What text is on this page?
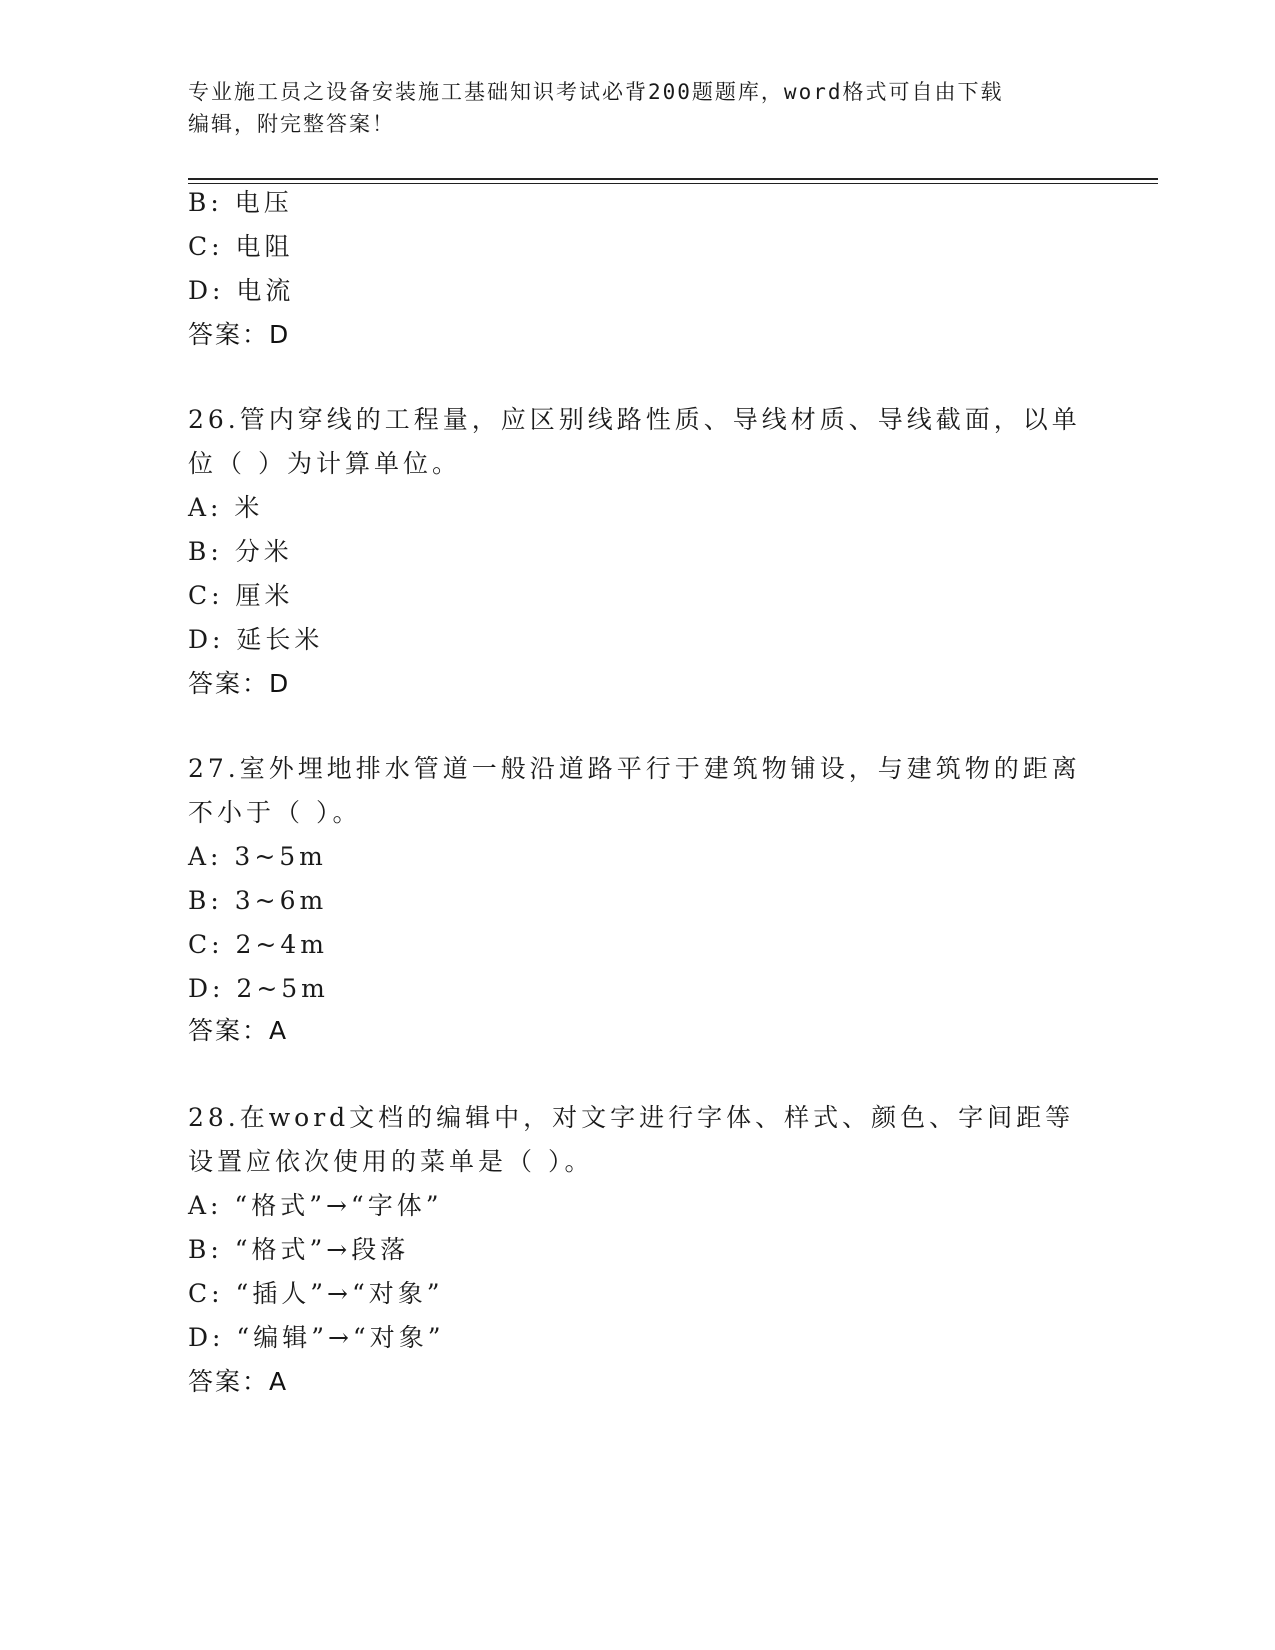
专业施工员之设备安装施工基础知识考试必背200题题库，word格式可自由下载
编辑，附完整答案！
B: 电压
C: 电阻
D: 电流
答案：D
26.管内穿线的工程量，应区别线路性质、导线材质、导线截面，以单
位（ ）为计算单位。
A: 米
B: 分米
C: 厘米
D: 延长米
答案：D
27.室外埋地排水管道一般沿道路平行于建筑物铺设，与建筑物的距离
不小于（ ）。
A: 3~5m
B: 3~6m
C: 2~4m
D: 2~5m
答案：A
28.在word文档的编辑中，对文字进行字体、样式、颜色、字间距等
设置应依次使用的菜单是（ ）。
A: “格式”→“字体”
B: “格式”→段落
C: “插人”→“对象”
D: “编辑”→“对象”
答案：A
